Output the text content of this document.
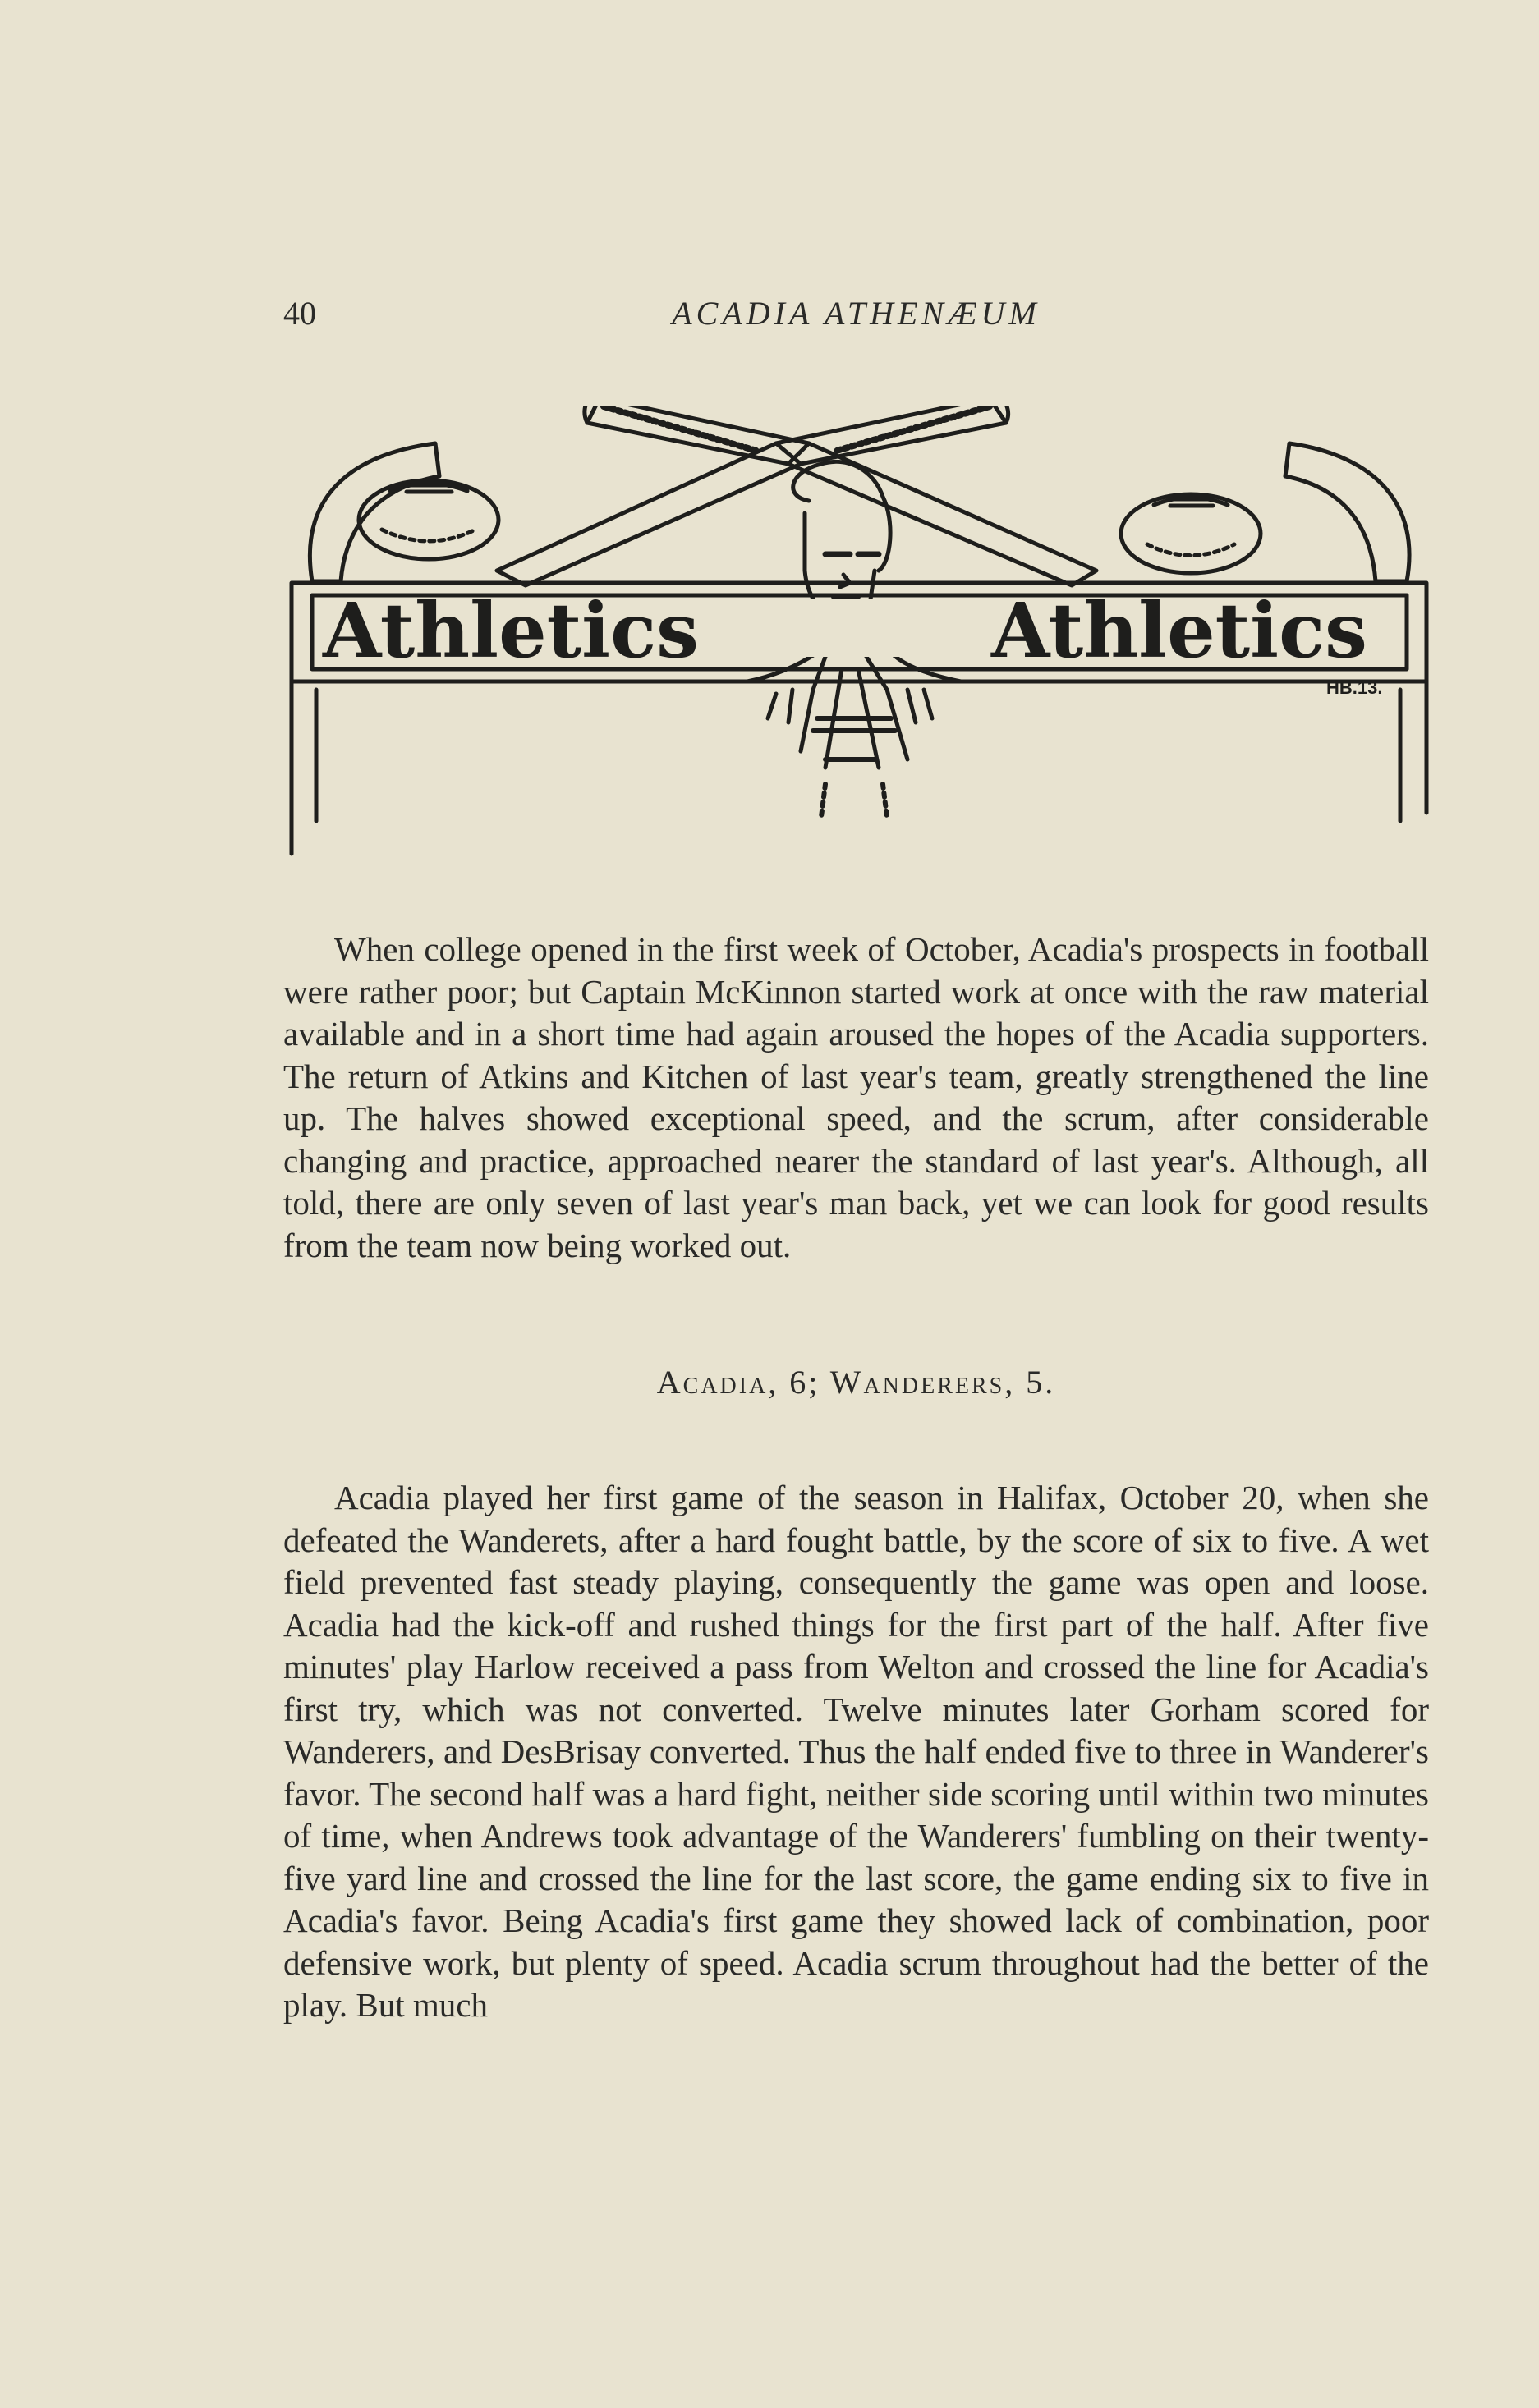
40	ACADIA ATHENÆUM
Athletics	Athletics
HB.13.

When college opened in the first week of October, Acadia's prospects in football were rather poor; but Captain McKinnon started work at once with the raw material available and in a short time had again aroused the hopes of the Acadia supporters. The return of Atkins and Kitchen of last year's team, greatly strengthened the line up. The halves showed exceptional speed, and the scrum, after considerable changing and practice, approached nearer the standard of last year's. Although, all told, there are only seven of last year's man back, yet we can look for good results from the team now being worked out.

Acadia, 6; Wanderers, 5.

Acadia played her first game of the season in Halifax, October 20, when she defeated the Wanderets, after a hard fought battle, by the score of six to five. A wet field prevented fast steady playing, consequently the game was open and loose. Acadia had the kick-off and rushed things for the first part of the half. After five minutes' play Harlow received a pass from Welton and crossed the line for Acadia's first try, which was not converted. Twelve minutes later Gorham scored for Wanderers, and DesBrisay converted. Thus the half ended five to three in Wanderer's favor. The second half was a hard fight, neither side scoring until within two minutes of time, when Andrews took advantage of the Wanderers' fumbling on their twenty-five yard line and crossed the line for the last score, the game ending six to five in Acadia's favor. Being Acadia's first game they showed lack of combination, poor defensive work, but plenty of speed. Acadia scrum throughout had the better of the play. But much
